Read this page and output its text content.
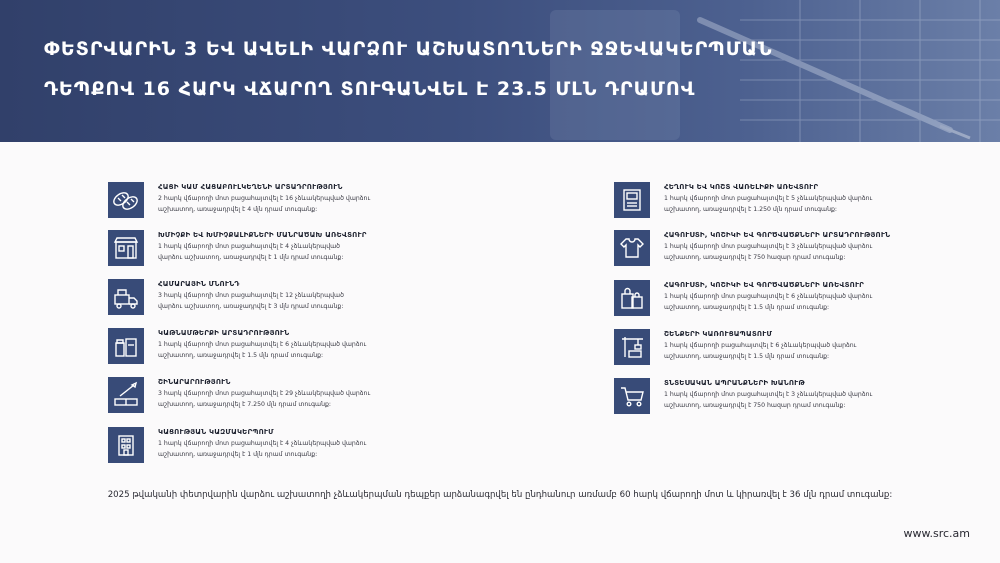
ՓԵՏՐՎԱՐԻՆ 3 ԵՎ ԱՎԵԼԻ ՎԱՐՁՈՒ ԱՇԽԱՏՈՂՆԵՐԻ ՋՋԵՎԱԿԵՐՊՄԱՆ
ԴԵՊՔՈՎ 16 ՀԱՐԿ ՎՃԱՐՈՂ ՏՈՒԳԱՆՎԵԼ Է 23.5 ՄԼՆ ԴՐԱՄՈՎ
ՀԱՑԻ ԿԱՄ ՀԱՑԱԲՈՒԼԿԵՂԵՆԻ ԱՐՏԱԴՐՈՒԹՅՈՒՆ
2 հարկ վճարողի մոտ բացահայտվել է 16 չձևակերպված վարձու
աշխատող, առաջադրվել է 4 մլն դրամ տուգանք:
ԽՄԻՉՔԻ ԵՎ ԽՄԻՉՔԱԼԻՔՆԵՐԻ ՄԱՆՐԱԾԱԽ ԱՌԵՎՏՈՒՐ
1 հարկ վճարողի մոտ բացահայտվել է 4 չձևակերպված
վարձու աշխատող, առաջադրվել է 1 մլն դրամ տուգանք:
ՀԱՄԱՐԱՅԻՆ ՄՆՈՒՆԴ
3 հարկ վճարողի մոտ բացահայտվել է 12 չձևակերպված
վարձու աշխատող, առաջադրվել է 3 մլն դրամ տուգանք:
ԿԱԹՆԱՄԹԵՐՔԻ ԱՐՏԱԴՐՈՒԹՅՈՒՆ
1 հարկ վճարողի մոտ բացահայտվել է 6 չձևակերպված վարձու
աշխատող, առաջադրվել է 1.5 մլն դրամ տուգանք:
ՇԻՆԱՐԱՐՈՒԹՅՈՒՆ
3 հարկ վճարողի մոտ բացահայտվել է 29 չձևակերպված վարձու
աշխատող, առաջադրվել է 7.250 մլն դրամ տուգանք:
ԿԱՑՈՒԹՅԱՆ ԿԱԶՄԱԿԵՐՊՈՒՄ
1 հարկ վճարողի մոտ բացահայտվել է 4 չձևակերպված վարձու
աշխատող, առաջադրվել է 1 մլն դրամ տուգանք:
ՀԵՂՈՒԿ ԵՎ ԿՈՇՏ ՎԱՌԵԼԻՔԻ ԱՌԵՎՏՈՒՐ
1 հարկ վճարողի մոտ բացահայտվել է 5 չձևակերպված վարձու
աշխատող, առաջադրվել է 1.250 մլն դրամ տուգանք:
ՀԱԳՈՒՍՏԻ, ԿՈՇԻԿԻ ԵՎ ԳՈՐԾՎԱԾՔՆԵՐԻ ԱՐՏԱԴՐՈՒԹՅՈՒՆ
1 հարկ վճարողի մոտ բացահայտվել է 3 չձևակերպված վարձու
աշխատող, առաջադրվել է 750 հազար դրամ տուգանք:
ՀԱԳՈՒՍՏԻ, ԿՈՇԻԿԻ ԵՎ ԳՈՐԾՎԱԾՔՆԵՐԻ ԱՌԵՎՏՈՒՐ
1 հարկ վճարողի մոտ բացահայտվել է 6 չձևակերպված վարձու
աշխատող, առաջադրվել է 1.5 մլն դրամ տուգանք:
ՇԵՆՔԵՐԻ ԿԱՌՈՒՑԱՊԱՏՈՒՄ
1 հարկ վճարողի բացահայտվել է 6 չձևակերպված վարձու
աշխատող, առաջադրվել է 1.5 մլն դրամ տուգանք:
ՏՆՏԵՍԱԿԱՆ ԱՊՐԱՆՔՆԵՐԻ ԽԱՆՈՒԹ
1 հարկ վճարողի մոտ բացահայտվել է 3 չձևակերպված վարձու
աշխատող, առաջադրվել է 750 հազար դրամ տուգանք:
2025 թվականի փետրվարին վարձու աշխատողի չձևակերպման դեպքեր արձանագրվել են ընդհանուր առմամբ 60 հարկ վճարողի մոտ և կիրառվել է 36 մլն դրամ տուգանք:
www.src.am
